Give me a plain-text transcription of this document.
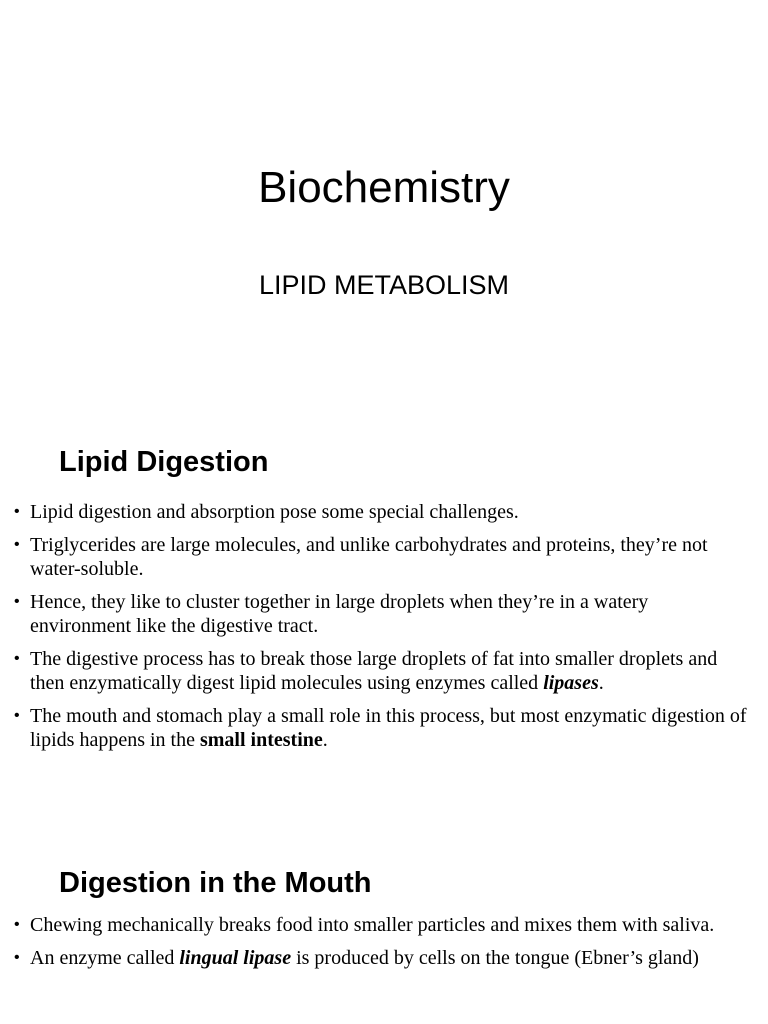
Biochemistry
LIPID METABOLISM
Lipid Digestion
• Lipid digestion and absorption pose some special challenges.
• Triglycerides are large molecules, and unlike carbohydrates and proteins, they’re not water-soluble.
• Hence, they like to cluster together in large droplets when they’re in a watery environment like the digestive tract.
• The digestive process has to break those large droplets of fat into smaller droplets and then enzymatically digest lipid molecules using enzymes called lipases.
• The mouth and stomach play a small role in this process, but most enzymatic digestion of lipids happens in the small intestine.
Digestion in the Mouth
• Chewing mechanically breaks food into smaller particles and mixes them with saliva.
• An enzyme called lingual lipase is produced by cells on the tongue (Ebner’s gland)
